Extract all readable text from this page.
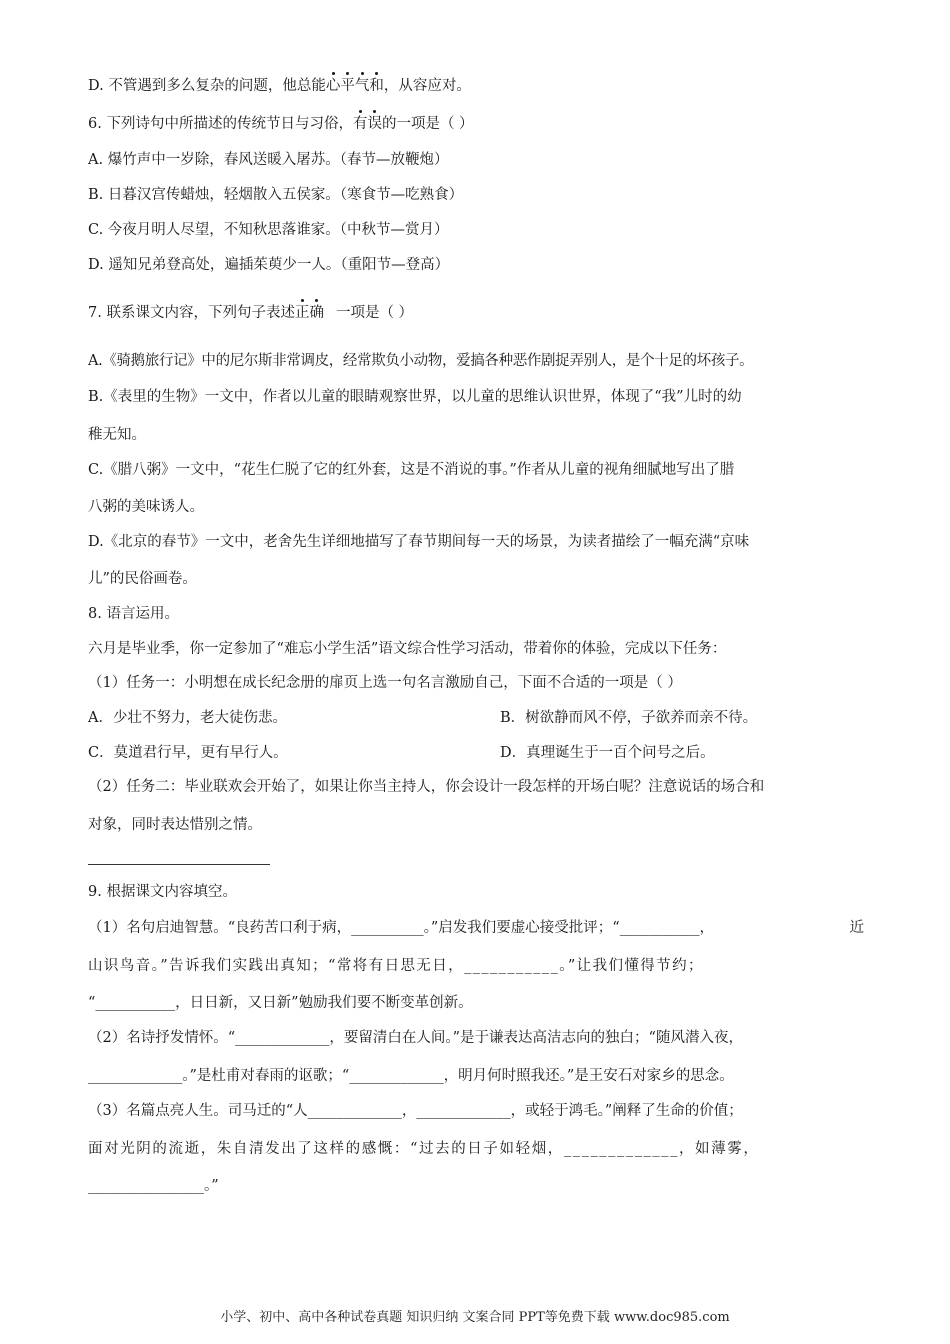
D. 不管遇到多么复杂的问题，他总能心平气和，从容应对。
6. 下列诗句中所描述的传统节日与习俗，有误的一项是（ ）
A. 爆竹声中一岁除，春风送暖入屠苏。（春节—放鞭炮）
B. 日暮汉宫传蜡烛，轻烟散入五侯家。（寒食节—吃熟食）
C. 今夜月明人尽望，不知秋思落谁家。（中秋节—赏月）
D. 遥知兄弟登高处，遍插茱萸少一人。（重阳节—登高）
7. 联系课文内容，下列句子表述正确 一项是（ ）
A.《骑鹅旅行记》中的尼尔斯非常调皮，经常欺负小动物，爱搞各种恶作剧捉弄别人，是个十足的坏孩子。
B.《表里的生物》一文中，作者以儿童的眼睛观察世界，以儿童的思维认识世界，体现了“我”儿时的幼
稚无知。
C.《腊八粥》一文中，“花生仁脱了它的红外套，这是不消说的事。”作者从儿童的视角细腻地写出了腊
八粥的美味诱人。
D.《北京的春节》一文中，老舍先生详细地描写了春节期间每一天的场景，为读者描绘了一幅充满“京味
儿”的民俗画卷。
8. 语言运用。
六月是毕业季，你一定参加了“难忘小学生活”语文综合性学习活动，带着你的体验，完成以下任务：
（1）任务一：小明想在成长纪念册的扉页上选一句名言激励自己，下面不合适的一项是（ ）
A．少壮不努力，老大徒伤悲。	B．树欲静而风不停，子欲养而亲不待。
C．莫道君行早，更有早行人。	D．真理诞生于一百个问号之后。
（2）任务二：毕业联欢会开始了，如果让你当主持人，你会设计一段怎样的开场白呢？注意说话的场合和
对象，同时表达惜别之情。
9. 根据课文内容填空。
（1）名句启迪智慧。“良药苦口利于病，__________。”启发我们要虚心接受批评；“___________，	近
山识鸟音。”告诉我们实践出真知；“常将有日思无日，___________。”让我们懂得节约；
“___________，日日新，又日新”勉励我们要不断变革创新。
（2）名诗抒发情怀。“_____________，要留清白在人间。”是于谦表达高洁志向的独白；“随风潜入夜，
_____________。”是杜甫对春雨的讴歌；“_____________，明月何时照我还。”是王安石对家乡的思念。
（3）名篇点亮人生。司马迁的“人_____________，_____________，或轻于鸿毛。”阐释了生命的价值；
面对光阴的流逝，朱自清发出了这样的感慨：“过去的日子如轻烟，_____________，如薄雾，
________________。”
小学、初中、高中各种试卷真题 知识归纳 文案合同 PPT等免费下载 www.doc985.com
